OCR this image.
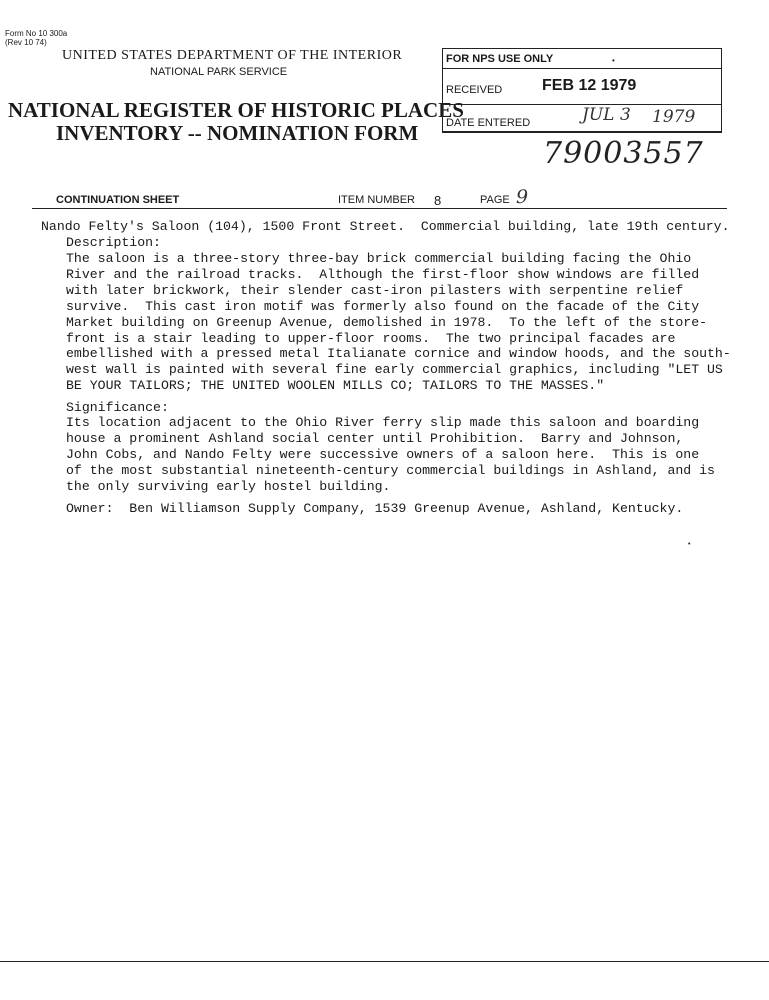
Form No 10 300a
(Rev 10 74)
UNITED STATES DEPARTMENT OF THE INTERIOR
NATIONAL PARK SERVICE
NATIONAL REGISTER OF HISTORIC PLACES
INVENTORY -- NOMINATION FORM
FOR NPS USE ONLY	•
RECEIVED FEB 12 1979
DATE ENTERED	JUL 3 1979
79003557
CONTINUATION SHEET	ITEM NUMBER 8	PAGE 9
Nando Felty's Saloon (104), 1500 Front Street.  Commercial building, late 19th century.
Description:
The saloon is a three-story three-bay brick commercial building facing the Ohio
River and the railroad tracks.  Although the first-floor show windows are filled
with later brickwork, their slender cast-iron pilasters with serpentine relief
survive.  This cast iron motif was formerly also found on the facade of the City
Market building on Greenup Avenue, demolished in 1978.  To the left of the store-
front is a stair leading to upper-floor rooms.  The two principal facades are
embellished with a pressed metal Italianate cornice and window hoods, and the south-
west wall is painted with several fine early commercial graphics, including "LET US
BE YOUR TAILORS; THE UNITED WOOLEN MILLS CO; TAILORS TO THE MASSES."
Significance:
Its location adjacent to the Ohio River ferry slip made this saloon and boarding
house a prominent Ashland social center until Prohibition.  Barry and Johnson,
John Cobs, and Nando Felty were successive owners of a saloon here.  This is one
of the most substantial nineteenth-century commercial buildings in Ashland, and is
the only surviving early hostel building.
Owner:  Ben Williamson Supply Company, 1539 Greenup Avenue, Ashland, Kentucky.
•
